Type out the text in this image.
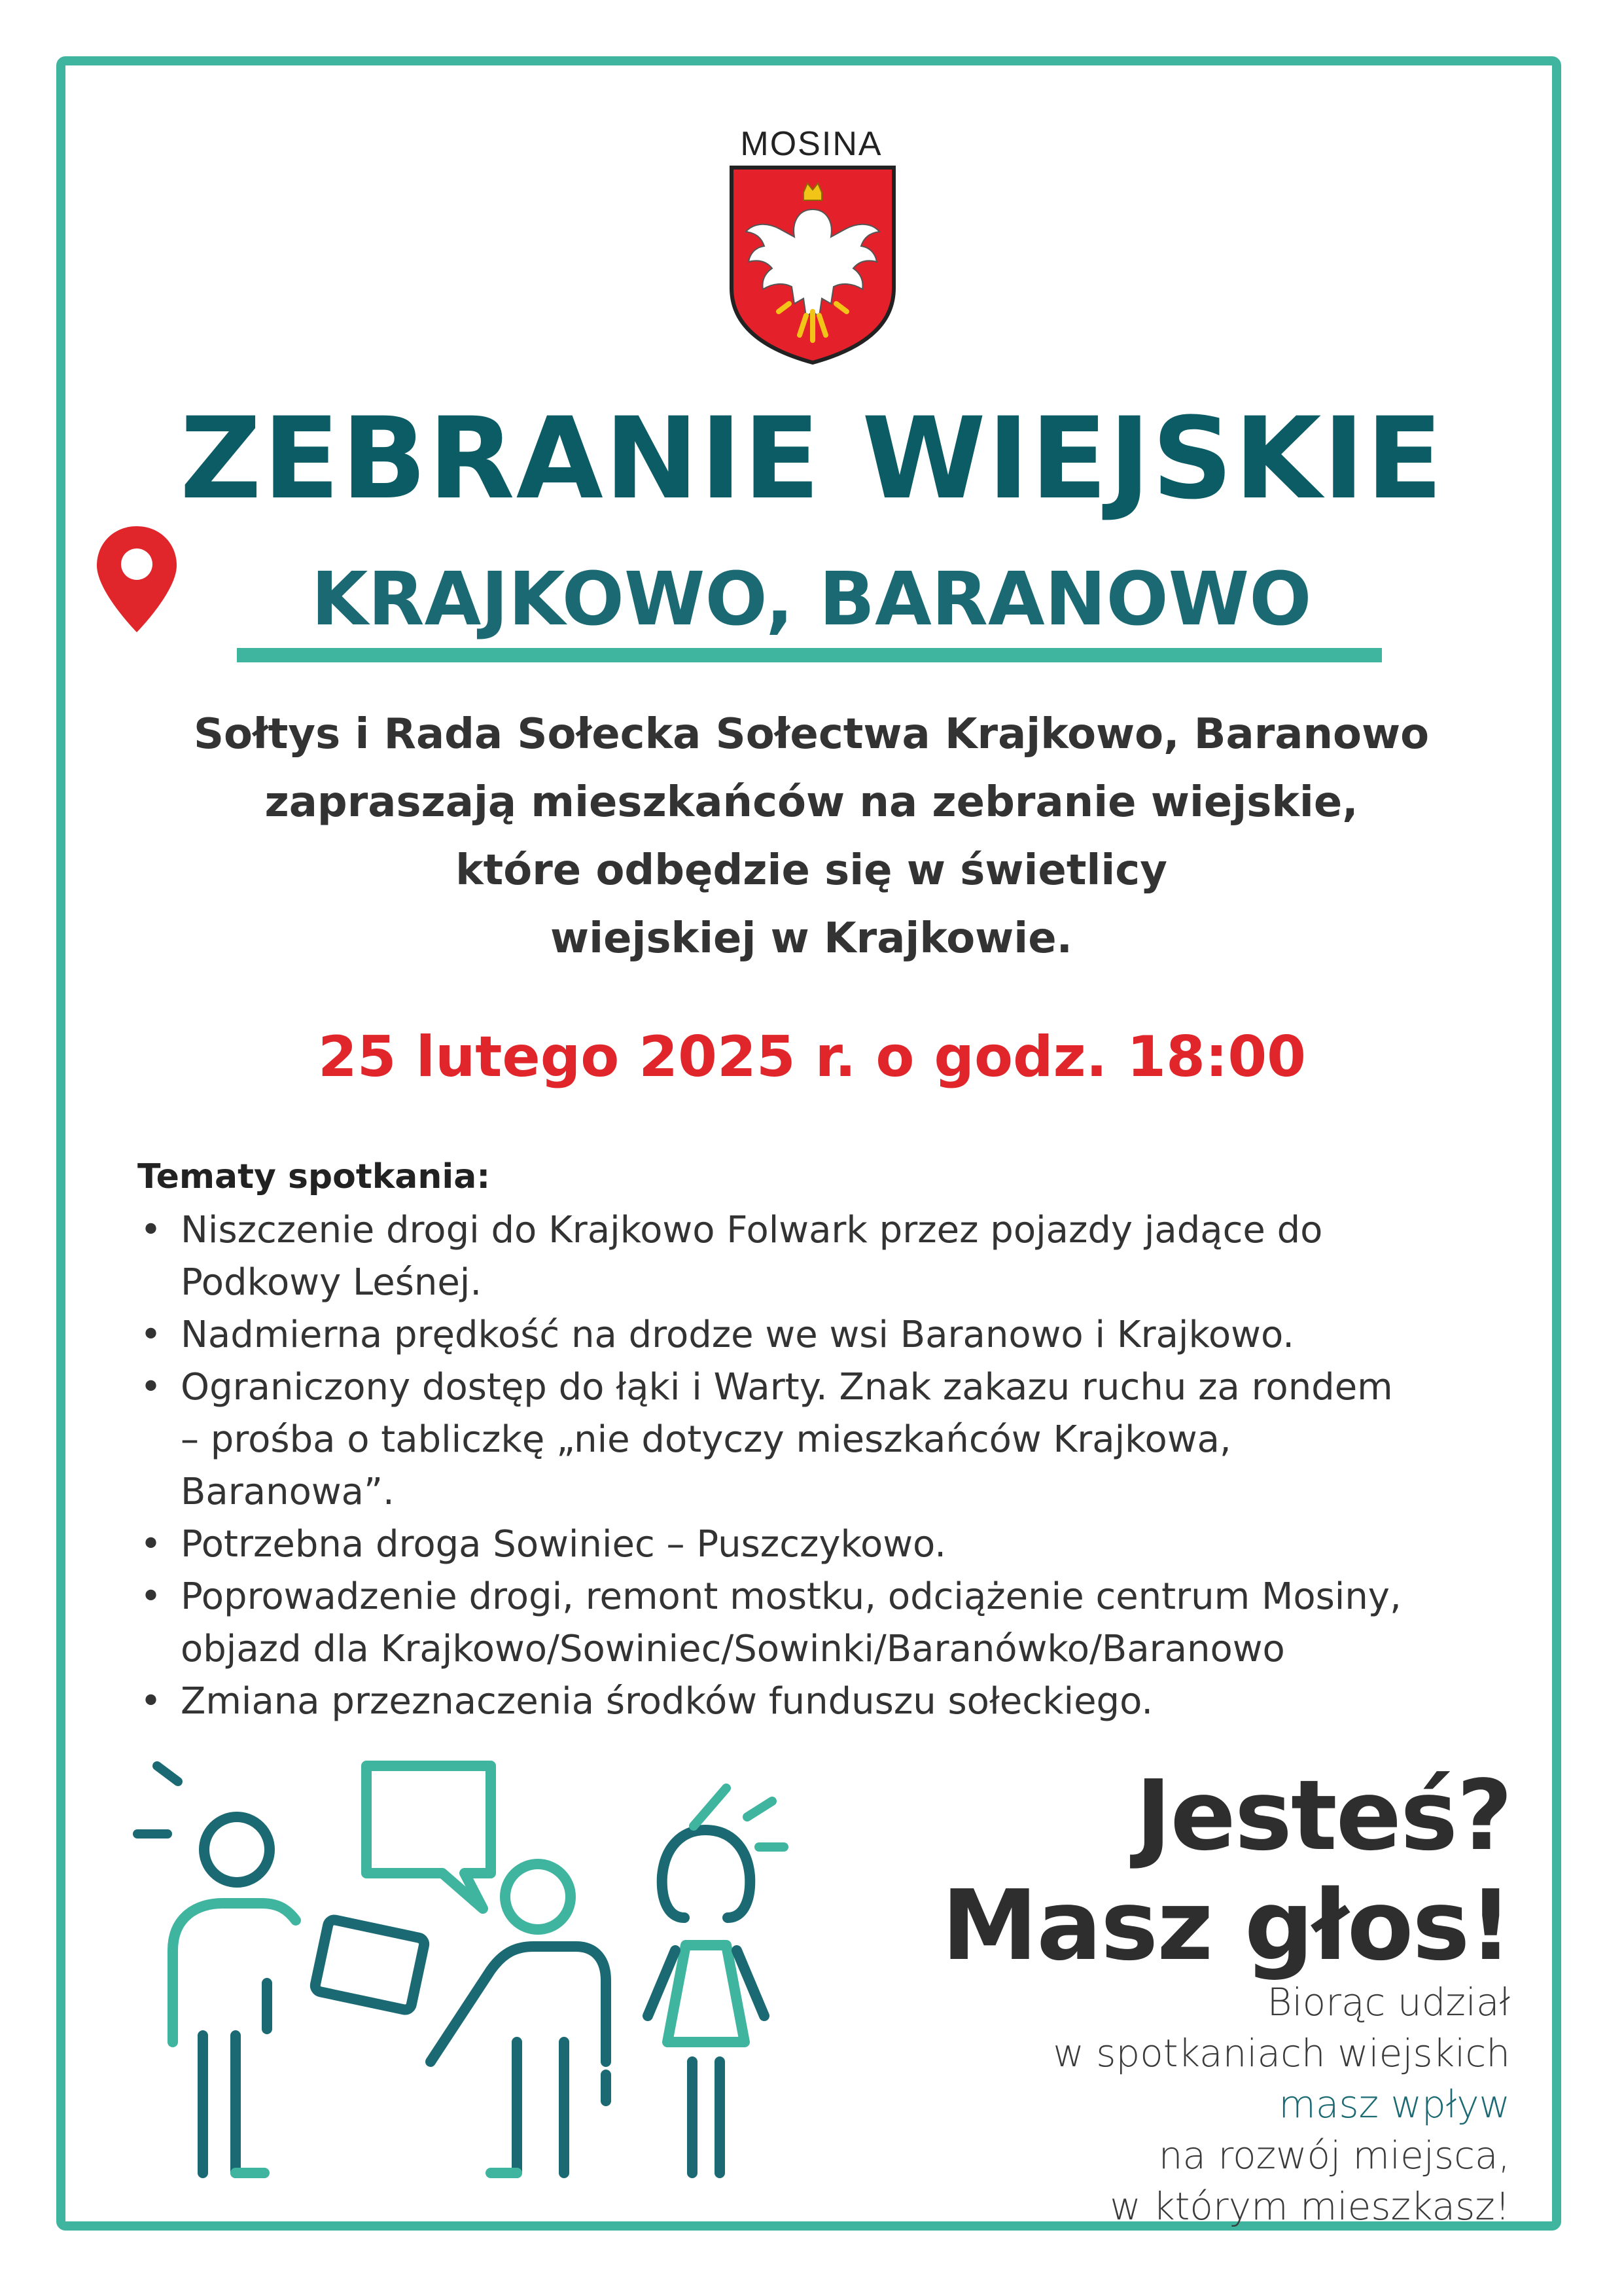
MOSINA
ZEBRANIE WIEJSKIE
KRAJKOWO, BARANOWO
Sołtys i Rada Sołecka Sołectwa Krajkowo, Baranowo
zapraszają mieszkańców na zebranie wiejskie,
które odbędzie się w świetlicy
wiejskiej w Krajkowie.
25 lutego 2025 r. o godz. 18:00
Tematy spotkania:
• Niszczenie drogi do Krajkowo Folwark przez pojazdy jadące do
Podkowy Leśnej.
• Nadmierna prędkość na drodze we wsi Baranowo i Krajkowo.
• Ograniczony dostęp do łąki i Warty. Znak zakazu ruchu za rondem
– prośba o tabliczkę „nie dotyczy mieszkańców Krajkowa,
Baranowa”.
• Potrzebna droga Sowiniec – Puszczykowo.
• Poprowadzenie drogi, remont mostku, odciążenie centrum Mosiny,
objazd dla Krajkowo/Sowiniec/Sowinki/Baranówko/Baranowo
• Zmiana przeznaczenia środków funduszu sołeckiego.
Jesteś?
Masz głos!
Biorąc udział
w spotkaniach wiejskich
masz wpływ
na rozwój miejsca,
w którym mieszkasz!
